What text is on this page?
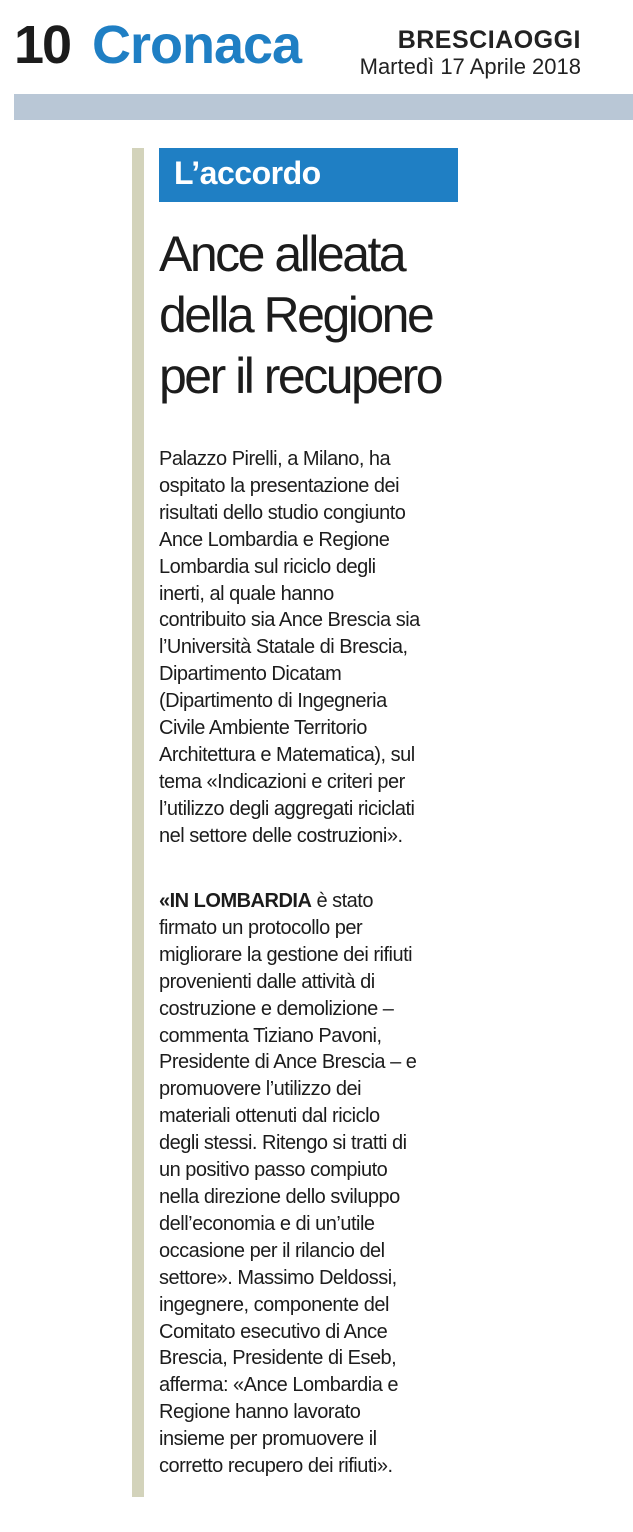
10 Cronaca	BRESCIAOGGI
Martedì 17 Aprile 2018
L’accordo
Ance alleata
della Regione
per il recupero
Palazzo Pirelli, a Milano, ha
ospitato la presentazione dei
risultati dello studio congiunto
Ance Lombardia e Regione
Lombardia sul riciclo degli
inerti, al quale hanno
contribuito sia Ance Brescia sia
l’Università Statale di Brescia,
Dipartimento Dicatam
(Dipartimento di Ingegneria
Civile Ambiente Territorio
Architettura e Matematica), sul
tema «Indicazioni e criteri per
l’utilizzo degli aggregati riciclati
nel settore delle costruzioni».
«IN LOMBARDIA è stato
firmato un protocollo per
migliorare la gestione dei rifiuti
provenienti dalle attività di
costruzione e demolizione –
commenta Tiziano Pavoni,
Presidente di Ance Brescia – e
promuovere l’utilizzo dei
materiali ottenuti dal riciclo
degli stessi. Ritengo si tratti di
un positivo passo compiuto
nella direzione dello sviluppo
dell’economia e di un’utile
occasione per il rilancio del
settore». Massimo Deldossi,
ingegnere, componente del
Comitato esecutivo di Ance
Brescia, Presidente di Eseb,
afferma: «Ance Lombardia e
Regione hanno lavorato
insieme per promuovere il
corretto recupero dei rifiuti».
